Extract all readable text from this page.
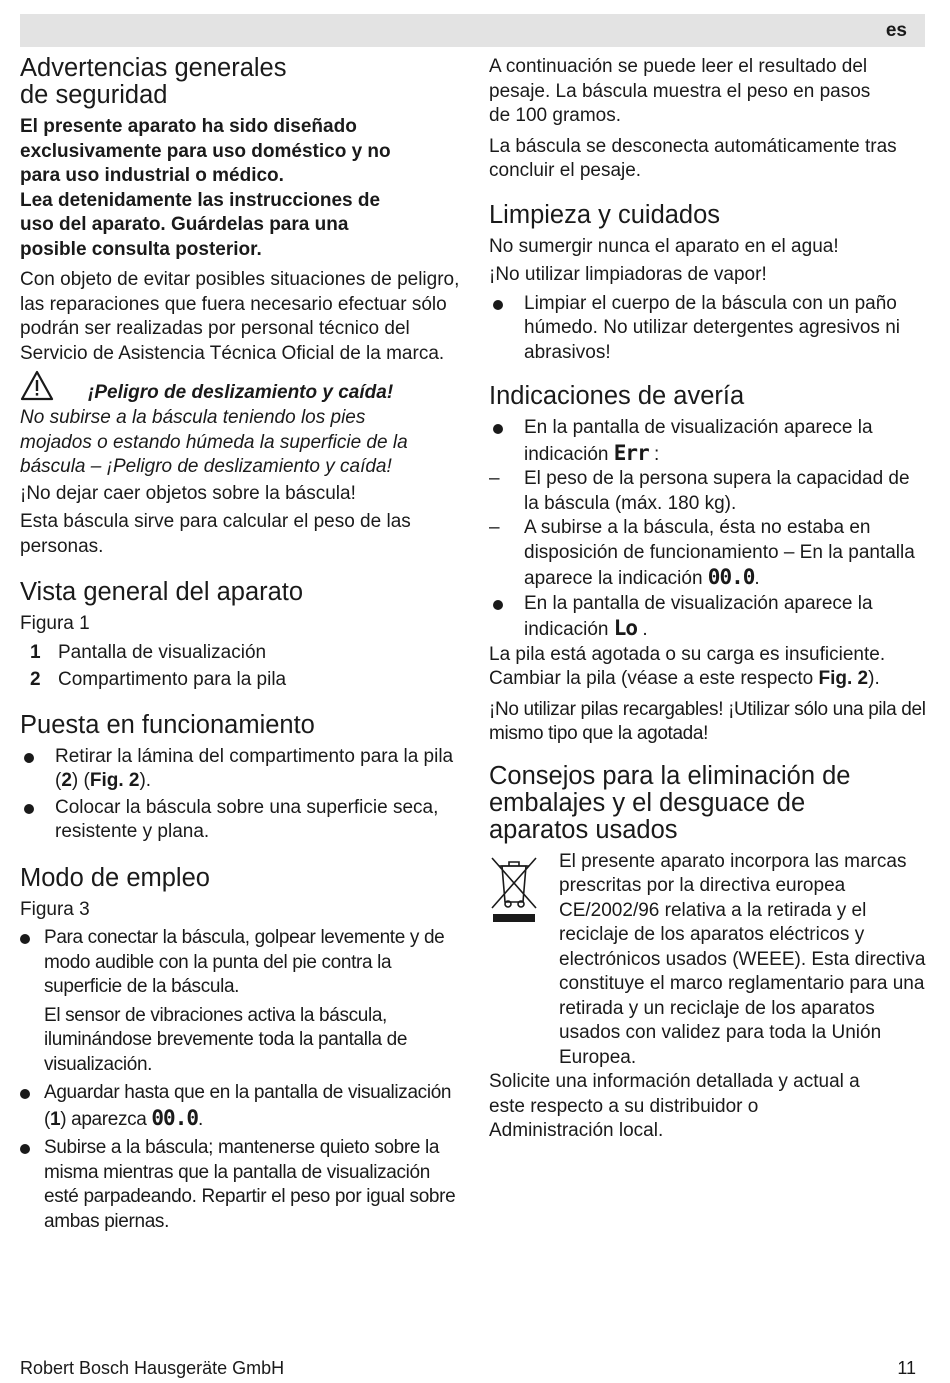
es
Advertencias generales de seguridad

El presente aparato ha sido diseñado exclusivamente para uso doméstico y no para uso industrial o médico.

Lea detenidamente las instrucciones de uso del aparato. Guárdelas para una posible consulta posterior.

Con objeto de evitar posibles situaciones de peligro, las reparaciones que fuera necesario efectuar sólo podrán ser realizadas por personal técnico del Servicio de Asistencia Técnica Oficial de la marca.

¡Peligro de deslizamiento y caída!

No subirse a la báscula teniendo los pies mojados o estando húmeda la superficie de la báscula – ¡Peligro de deslizamiento y caída!

¡No dejar caer objetos sobre la báscula!

Esta báscula sirve para calcular el peso de las personas.

Vista general del aparato

Figura 1

1 Pantalla de visualización
2 Compartimento para la pila
Puesta en funcionamiento
Retirar la lámina del compartimento para la pila (2) (Fig. 2).
Colocar la báscula sobre una superficie seca, resistente y plana.
Modo de empleo

Figura 3

Para conectar la báscula, golpear levemente y de modo audible con la punta del pie contra la superficie de la báscula.
El sensor de vibraciones activa la báscula, iluminándose brevemente toda la pantalla de visualización.
Aguardar hasta que en la pantalla de visualización (1) aparezca 00.0.
Subirse a la báscula; mantenerse quieto sobre la misma mientras que la pantalla de visualización esté parpadeando. Repartir el peso por igual sobre ambas piernas.

A continuación se puede leer el resultado del pesaje. La báscula muestra el peso en pasos de 100 gramos.

La báscula se desconecta automáticamente tras concluir el pesaje.

Limpieza y cuidados

No sumergir nunca el aparato en el agua!

¡No utilizar limpiadoras de vapor!

Limpiar el cuerpo de la báscula con un paño húmedo. No utilizar detergentes agresivos ni abrasivos!
Indicaciones de avería
En la pantalla de visualización aparece la indicación Err :
– El peso de la persona supera la capacidad de la báscula (máx. 180 kg).
– A subirse a la báscula, ésta no estaba en disposición de funcionamiento – En la pantalla aparece la indicación 00.0.
En la pantalla de visualización aparece la indicación Lo .

La pila está agotada o su carga es insuficiente. Cambiar la pila (véase a este respecto Fig. 2).

¡No utilizar pilas recargables! ¡Utilizar sólo una pila del mismo tipo que la agotada!

Consejos para la eliminación de embalajes y el desguace de aparatos usados

El presente aparato incorpora las marcas prescritas por la directiva europea CE/2002/96 relativa a la retirada y el reciclaje de los aparatos eléctricos y electrónicos usados (WEEE). Esta directiva constituye el marco reglamentario para una retirada y un reciclaje de los aparatos usados con validez para toda la Unión Europea.

Solicite una información detallada y actual a este respecto a su distribuidor o Administración local.

Robert Bosch Hausgeräte GmbH	11
